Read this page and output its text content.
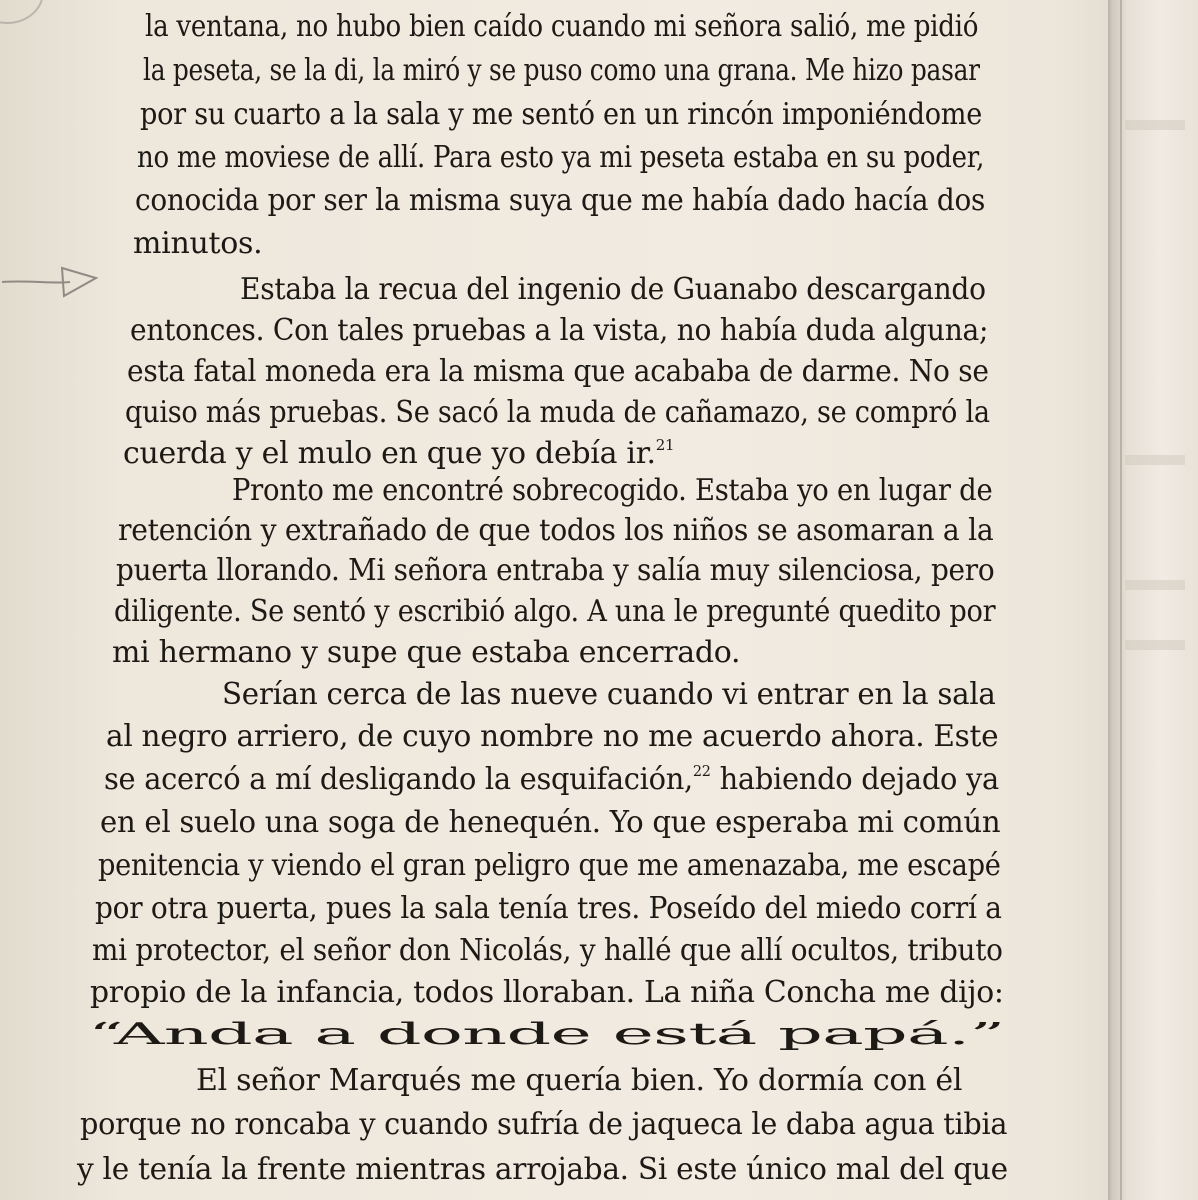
la ventana, no hubo bien caído cuando mi señora salió, me pidió
la peseta, se la di, la miró y se puso como una grana. Me hizo pasar
por su cuarto a la sala y me sentó en un rincón imponiéndome
no me moviese de allí. Para esto ya mi peseta estaba en su poder,
conocida por ser la misma suya que me había dado hacía dos
minutos.
Estaba la recua del ingenio de Guanabo descargando
entonces. Con tales pruebas a la vista, no había duda alguna;
esta fatal moneda era la misma que acababa de darme. No se
quiso más pruebas. Se sacó la muda de cañamazo, se compró la
cuerda y el mulo en que yo debía ir.$^{21}$
Pronto me encontré sobrecogido. Estaba yo en lugar de
retención y extrañado de que todos los niños se asomaran a la
puerta llorando. Mi señora entraba y salía muy silenciosa, pero
diligente. Se sentó y escribió algo. A una le pregunté quedito por
mi hermano y supe que estaba encerrado.
Serían cerca de las nueve cuando vi entrar en la sala
al negro arriero, de cuyo nombre no me acuerdo ahora. Este
se acercó a mí desligando la esquifación,$^{22}$ habiendo dejado ya
en el suelo una soga de henequén. Yo que esperaba mi común
penitencia y viendo el gran peligro que me amenazaba, me escapé
por otra puerta, pues la sala tenía tres. Poseído del miedo corrí a
mi protector, el señor don Nicolás, y hallé que allí ocultos, tributo
propio de la infancia, todos lloraban. La niña Concha me dijo:
“Anda a donde está papá.”
El señor Marqués me quería bien. Yo dormía con él
porque no roncaba y cuando sufría de jaqueca le daba agua tibia
y le tenía la frente mientras arrojaba. Si este único mal del que
